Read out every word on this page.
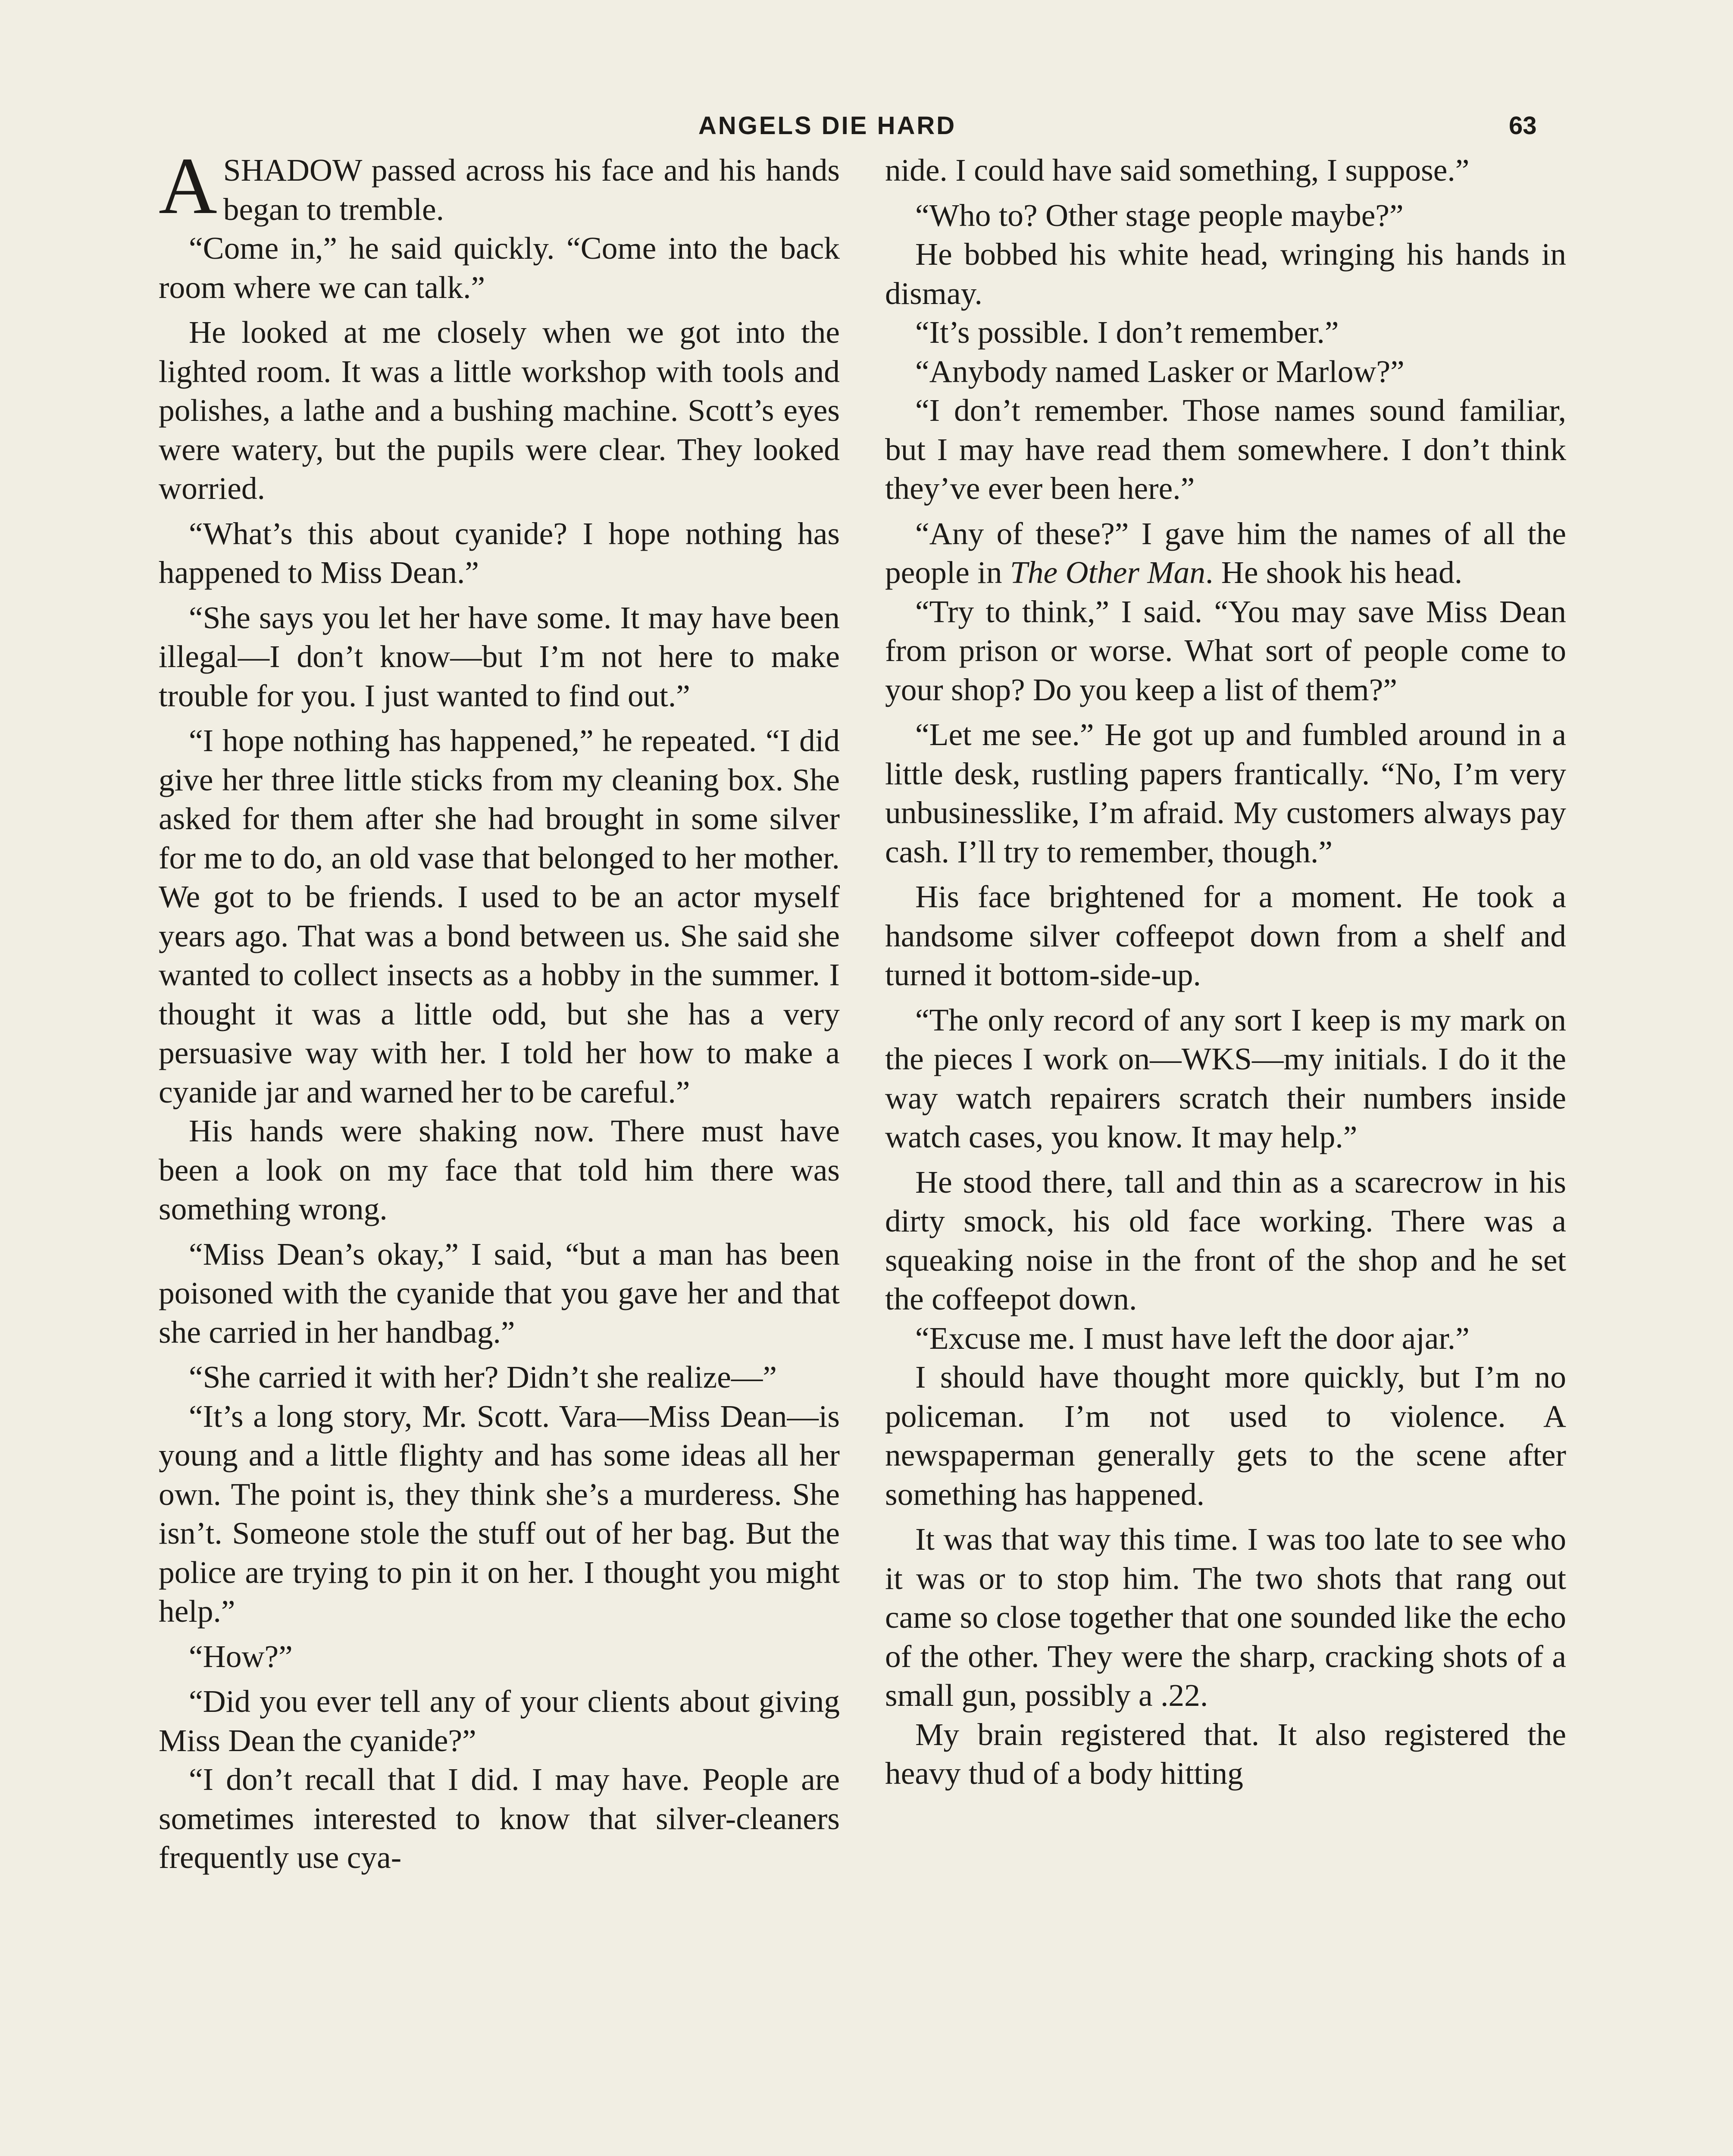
ANGELS DIE HARD	63

ASHADOW passed across his face and his hands began to tremble.

“Come in,” he said quickly. “Come into the back room where we can talk.”

He looked at me closely when we got into the lighted room. It was a little workshop with tools and polishes, a lathe and a bushing machine. Scott’s eyes were watery, but the pupils were clear. They looked worried.

“What’s this about cyanide? I hope nothing has happened to Miss Dean.”

“She says you let her have some. It may have been illegal—I don’t know—but I’m not here to make trouble for you. I just wanted to find out.”

“I hope nothing has happened,” he repeated. “I did give her three little sticks from my cleaning box. She asked for them after she had brought in some silver for me to do, an old vase that belonged to her mother. We got to be friends. I used to be an actor myself years ago. That was a bond between us. She said she wanted to collect insects as a hobby in the summer. I thought it was a little odd, but she has a very persuasive way with her. I told her how to make a cyanide jar and warned her to be careful.”

His hands were shaking now. There must have been a look on my face that told him there was something wrong.

“Miss Dean’s okay,” I said, “but a man has been poisoned with the cyanide that you gave her and that she carried in her handbag.”

“She carried it with her? Didn’t she realize—”

“It’s a long story, Mr. Scott. Vara—Miss Dean—is young and a little flighty and has some ideas all her own. The point is, they think she’s a murderess. She isn’t. Someone stole the stuff out of her bag. But the police are trying to pin it on her. I thought you might help.”

“How?”

“Did you ever tell any of your clients about giving Miss Dean the cyanide?”

“I don’t recall that I did. I may have. People are sometimes interested to know that silver-cleaners frequently use cya-

nide. I could have said something, I suppose.”

“Who to? Other stage people maybe?”

He bobbed his white head, wringing his hands in dismay.

“It’s possible. I don’t remember.”

“Anybody named Lasker or Marlow?”

“I don’t remember. Those names sound familiar, but I may have read them somewhere. I don’t think they’ve ever been here.”

“Any of these?” I gave him the names of all the people in The Other Man. He shook his head.

“Try to think,” I said. “You may save Miss Dean from prison or worse. What sort of people come to your shop? Do you keep a list of them?”

“Let me see.” He got up and fumbled around in a little desk, rustling papers frantically. “No, I’m very unbusinesslike, I’m afraid. My customers always pay cash. I’ll try to remember, though.”

His face brightened for a moment. He took a handsome silver coffeepot down from a shelf and turned it bottom-side-up.

“The only record of any sort I keep is my mark on the pieces I work on—WKS—my initials. I do it the way watch repairers scratch their numbers inside watch cases, you know. It may help.”

He stood there, tall and thin as a scarecrow in his dirty smock, his old face working. There was a squeaking noise in the front of the shop and he set the coffeepot down.

“Excuse me. I must have left the door ajar.”

I should have thought more quickly, but I’m no policeman. I’m not used to violence. A newspaperman generally gets to the scene after something has happened.

It was that way this time. I was too late to see who it was or to stop him. The two shots that rang out came so close together that one sounded like the echo of the other. They were the sharp, cracking shots of a small gun, possibly a .22.

My brain registered that. It also registered the heavy thud of a body hitting
